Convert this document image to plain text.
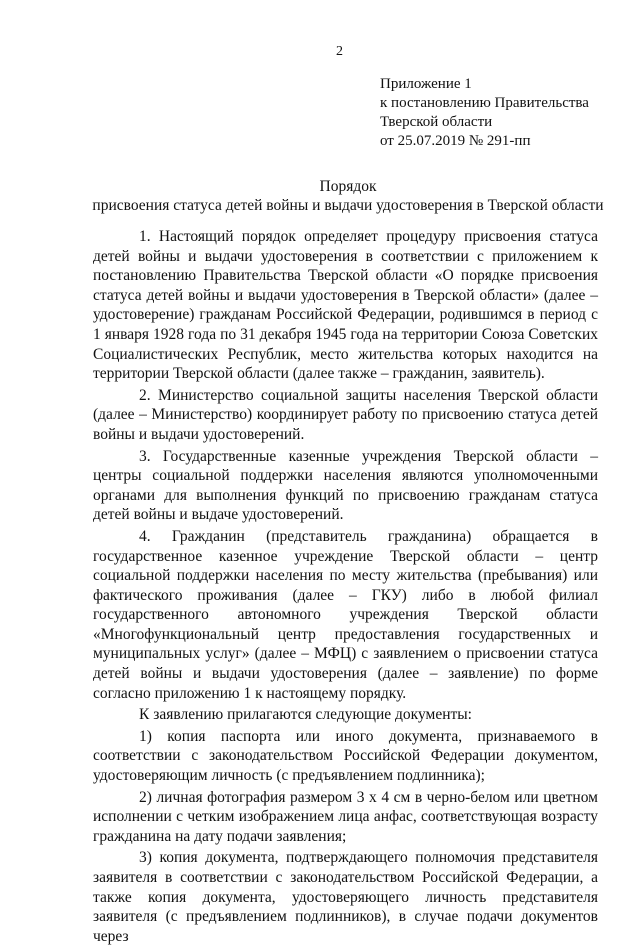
2
Приложение 1
к постановлению Правительства
Тверской области
от 25.07.2019 № 291-пп
Порядок
присвоения статуса детей войны и выдачи удостоверения в Тверской области

1. Настоящий порядок определяет процедуру присвоения статуса детей войны и выдачи удостоверения в соответствии с приложением к постановлению Правительства Тверской области «О порядке присвоения статуса детей войны и выдачи удостоверения в Тверской области» (далее – удостоверение) гражданам Российской Федерации, родившимся в период с 1 января 1928 года по 31 декабря 1945 года на территории Союза Советских Социалистических Республик, место жительства которых находится на территории Тверской области (далее также – гражданин, заявитель).

2. Министерство социальной защиты населения Тверской области (далее – Министерство) координирует работу по присвоению статуса детей войны и выдачи удостоверений.

3. Государственные казенные учреждения Тверской области – центры социальной поддержки населения являются уполномоченными органами для выполнения функций по присвоению гражданам статуса детей войны и выдаче удостоверений.

4. Гражданин (представитель гражданина) обращается в государственное казенное учреждение Тверской области – центр социальной поддержки населения по месту жительства (пребывания) или фактического проживания (далее – ГКУ) либо в любой филиал государственного автономного учреждения Тверской области «Многофункциональный центр предоставления государственных и муниципальных услуг» (далее – МФЦ) с заявлением о присвоении статуса детей войны и выдачи удостоверения (далее – заявление) по форме согласно приложению 1 к настоящему порядку.

К заявлению прилагаются следующие документы:

1) копия паспорта или иного документа, признаваемого в соответствии с законодательством Российской Федерации документом, удостоверяющим личность (с предъявлением подлинника);

2) личная фотография размером 3 х 4 см в черно-белом или цветном исполнении с четким изображением лица анфас, соответствующая возрасту гражданина на дату подачи заявления;

3) копия документа, подтверждающего полномочия представителя заявителя в соответствии с законодательством Российской Федерации, а также копия документа, удостоверяющего личность представителя заявителя (с предъявлением подлинников), в случае подачи документов через
